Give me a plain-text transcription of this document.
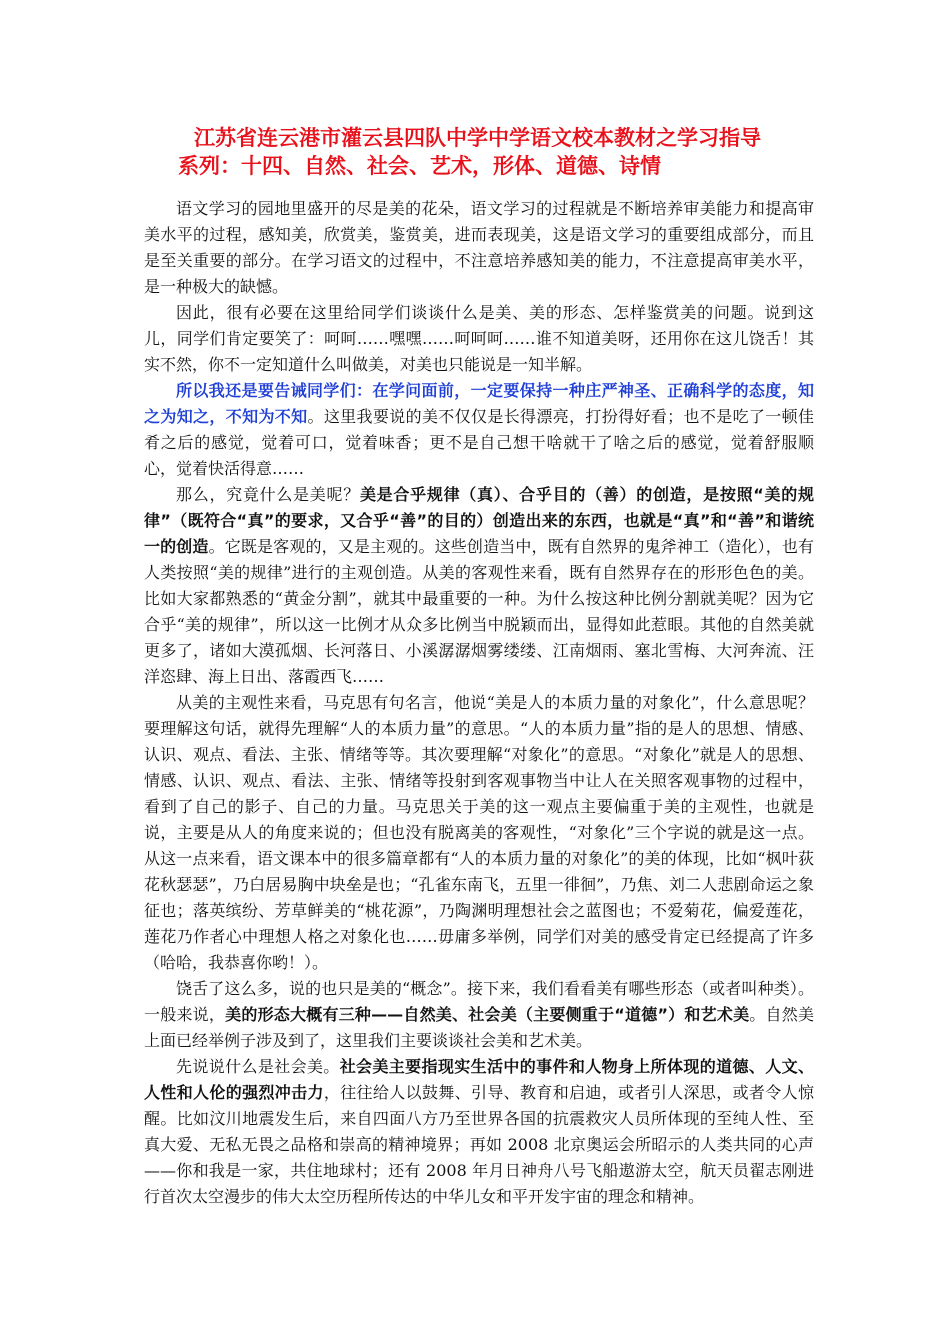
江苏省连云港市灌云县四队中学中学语文校本教材之学习指导
系列：十四、自然、社会、艺术，形体、道德、诗情

语文学习的园地里盛开的尽是美的花朵，语文学习的过程就是不断培养审美能力和提高审美水平的过程，感知美，欣赏美，鉴赏美，进而表现美，这是语文学习的重要组成部分，而且是至关重要的部分。在学习语文的过程中，不注意培养感知美的能力，不注意提高审美水平，是一种极大的缺憾。

因此，很有必要在这里给同学们谈谈什么是美、美的形态、怎样鉴赏美的问题。说到这儿，同学们肯定要笑了：呵呵……嘿嘿……呵呵呵……谁不知道美呀，还用你在这儿饶舌！其实不然，你不一定知道什么叫做美，对美也只能说是一知半解。

所以我还是要告诫同学们：在学问面前，一定要保持一种庄严神圣、正确科学的态度，知之为知之，不知为不知。这里我要说的美不仅仅是长得漂亮，打扮得好看；也不是吃了一顿佳肴之后的感觉，觉着可口，觉着味香；更不是自己想干啥就干了啥之后的感觉，觉着舒服顺心，觉着快活得意……

那么，究竟什么是美呢？美是合乎规律（真）、合乎目的（善）的创造，是按照“美的规律”（既符合“真”的要求，又合乎“善”的目的）创造出来的东西，也就是“真”和“善”和谐统一的创造。它既是客观的，又是主观的。这些创造当中，既有自然界的鬼斧神工（造化），也有人类按照“美的规律”进行的主观创造。从美的客观性来看，既有自然界存在的形形色色的美。比如大家都熟悉的“黄金分割”，就其中最重要的一种。为什么按这种比例分割就美呢？因为它合乎“美的规律”，所以这一比例才从众多比例当中脱颖而出，显得如此惹眼。其他的自然美就更多了，诸如大漠孤烟、长河落日、小溪潺潺烟雾缕缕、江南烟雨、塞北雪梅、大河奔流、汪洋恣肆、海上日出、落霞西飞……

从美的主观性来看，马克思有句名言，他说“美是人的本质力量的对象化”，什么意思呢？要理解这句话，就得先理解“人的本质力量”的意思。“人的本质力量”指的是人的思想、情感、认识、观点、看法、主张、情绪等等。其次要理解“对象化”的意思。“对象化”就是人的思想、情感、认识、观点、看法、主张、情绪等投射到客观事物当中让人在关照客观事物的过程中，看到了自己的影子、自己的力量。马克思关于美的这一观点主要偏重于美的主观性，也就是说，主要是从人的角度来说的；但也没有脱离美的客观性，“对象化”三个字说的就是这一点。从这一点来看，语文课本中的很多篇章都有“人的本质力量的对象化”的美的体现，比如“枫叶荻花秋瑟瑟”，乃白居易胸中块垒是也；“孔雀东南飞，五里一徘徊”，乃焦、刘二人悲剧命运之象征也；落英缤纷、芳草鲜美的“桃花源”，乃陶渊明理想社会之蓝图也；不爱菊花，偏爱莲花，莲花乃作者心中理想人格之对象化也……毋庸多举例，同学们对美的感受肯定已经提高了许多（哈哈，我恭喜你哟！）。

饶舌了这么多，说的也只是美的“概念”。接下来，我们看看美有哪些形态（或者叫种类）。一般来说，美的形态大概有三种——自然美、社会美（主要侧重于“道德”）和艺术美。自然美上面已经举例子涉及到了，这里我们主要谈谈社会美和艺术美。

先说说什么是社会美。社会美主要指现实生活中的事件和人物身上所体现的道德、人文、人性和人伦的强烈冲击力，往往给人以鼓舞、引导、教育和启迪，或者引人深思，或者令人惊醒。比如汶川地震发生后，来自四面八方乃至世界各国的抗震救灾人员所体现的至纯人性、至真大爱、无私无畏之品格和崇高的精神境界；再如 2008 北京奥运会所昭示的人类共同的心声——你和我是一家，共住地球村；还有 2008 年月日神舟八号飞船遨游太空，航天员翟志刚进行首次太空漫步的伟大太空历程所传达的中华儿女和平开发宇宙的理念和精神。
